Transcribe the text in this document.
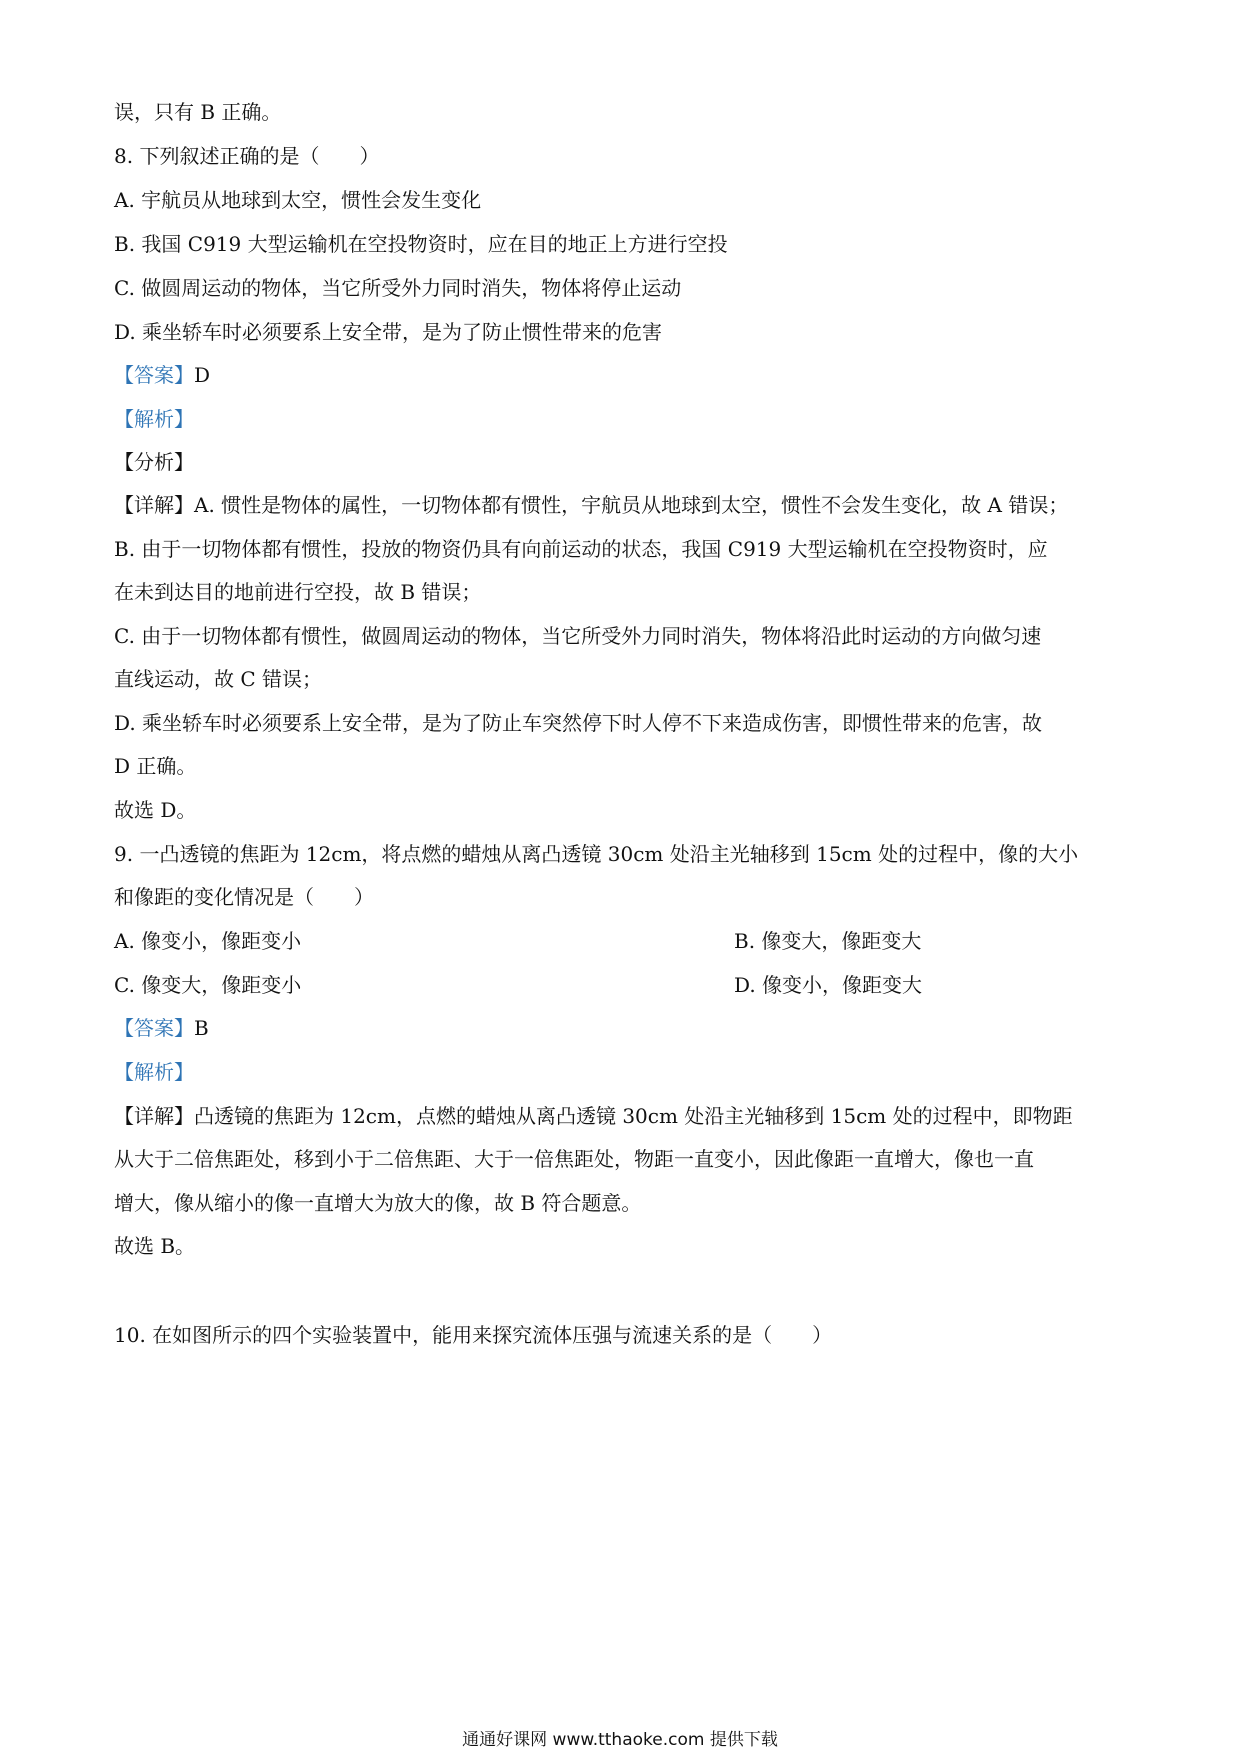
误，只有 B 正确。
8. 下列叙述正确的是（　　）
A. 宇航员从地球到太空，惯性会发生变化
B. 我国 C919 大型运输机在空投物资时，应在目的地正上方进行空投
C. 做圆周运动的物体，当它所受外力同时消失，物体将停止运动
D. 乘坐轿车时必须要系上安全带，是为了防止惯性带来的危害
【答案】D
【解析】
【分析】
【详解】A. 惯性是物体的属性，一切物体都有惯性，宇航员从地球到太空，惯性不会发生变化，故 A 错误；
B. 由于一切物体都有惯性，投放的物资仍具有向前运动的状态，我国 C919 大型运输机在空投物资时，应
在未到达目的地前进行空投，故 B 错误；
C. 由于一切物体都有惯性，做圆周运动的物体，当它所受外力同时消失，物体将沿此时运动的方向做匀速
直线运动，故 C 错误；
D. 乘坐轿车时必须要系上安全带，是为了防止车突然停下时人停不下来造成伤害，即惯性带来的危害，故
D 正确。
故选 D。
9. 一凸透镜的焦距为 12cm，将点燃的蜡烛从离凸透镜 30cm 处沿主光轴移到 15cm 处的过程中，像的大小
和像距的变化情况是（　　）
A. 像变小，像距变小	B. 像变大，像距变大
C. 像变大，像距变小	D. 像变小，像距变大
【答案】B
【解析】
【详解】凸透镜的焦距为 12cm，点燃的蜡烛从离凸透镜 30cm 处沿主光轴移到 15cm 处的过程中，即物距
从大于二倍焦距处，移到小于二倍焦距、大于一倍焦距处，物距一直变小，因此像距一直增大，像也一直
增大，像从缩小的像一直增大为放大的像，故 B 符合题意。
故选 B。
10. 在如图所示的四个实验装置中，能用来探究流体压强与流速关系的是（　　）
通通好课网 www.tthaoke.com 提供下载
